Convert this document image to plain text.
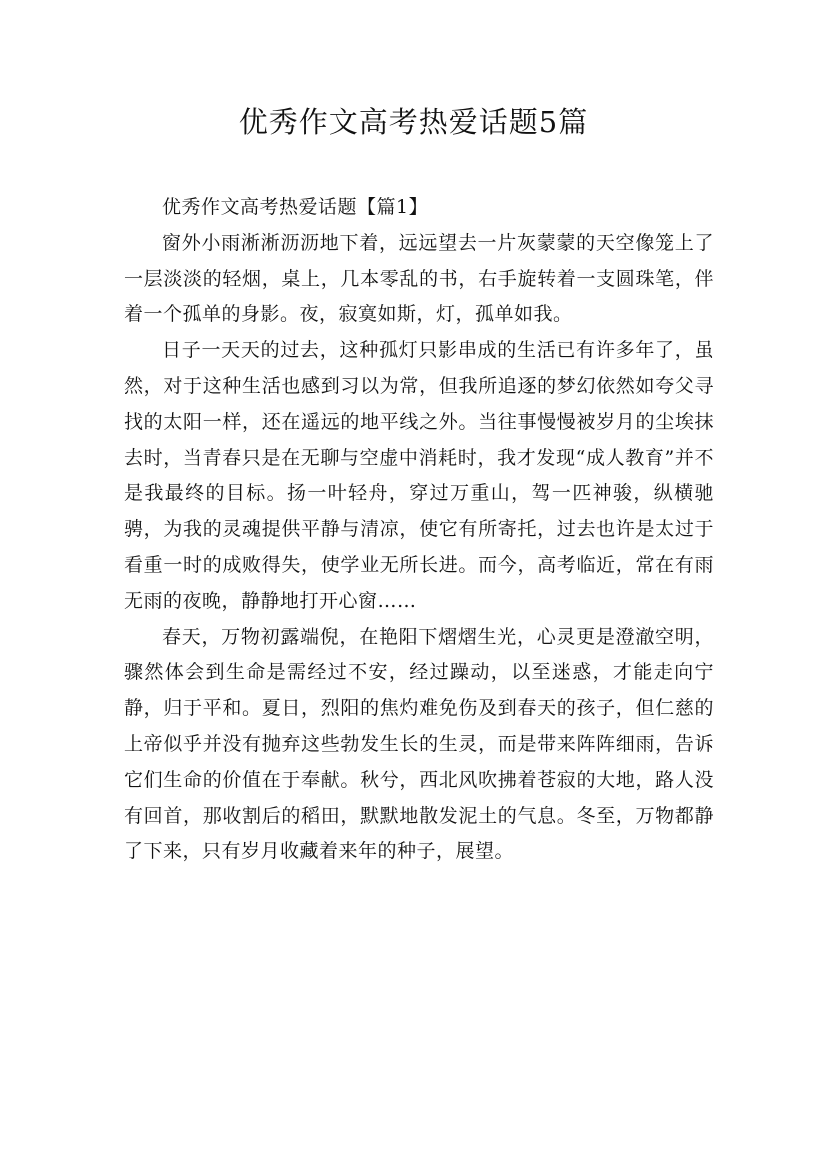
优秀作文高考热爱话题5篇

优秀作文高考热爱话题【篇1】

窗外小雨淅淅沥沥地下着，远远望去一片灰蒙蒙的天空像笼上了一层淡淡的轻烟，桌上，几本零乱的书，右手旋转着一支圆珠笔，伴着一个孤单的身影。夜，寂寞如斯，灯，孤单如我。

日子一天天的过去，这种孤灯只影串成的生活已有许多年了，虽然，对于这种生活也感到习以为常，但我所追逐的梦幻依然如夸父寻找的太阳一样，还在遥远的地平线之外。当往事慢慢被岁月的尘埃抹去时，当青春只是在无聊与空虚中消耗时，我才发现“成人教育”并不是我最终的目标。扬一叶轻舟，穿过万重山，驾一匹神骏，纵横驰骋，为我的灵魂提供平静与清凉，使它有所寄托，过去也许是太过于看重一时的成败得失，使学业无所长进。而今，高考临近，常在有雨无雨的夜晚，静静地打开心窗……

春天，万物初露端倪，在艳阳下熠熠生光，心灵更是澄澈空明，骤然体会到生命是需经过不安，经过躁动，以至迷惑，才能走向宁静，归于平和。夏日，烈阳的焦灼难免伤及到春天的孩子，但仁慈的上帝似乎并没有抛弃这些勃发生长的生灵，而是带来阵阵细雨，告诉它们生命的价值在于奉献。秋兮，西北风吹拂着苍寂的大地，路人没有回首，那收割后的稻田，默默地散发泥土的气息。冬至，万物都静了下来，只有岁月收藏着来年的种子，展望。
